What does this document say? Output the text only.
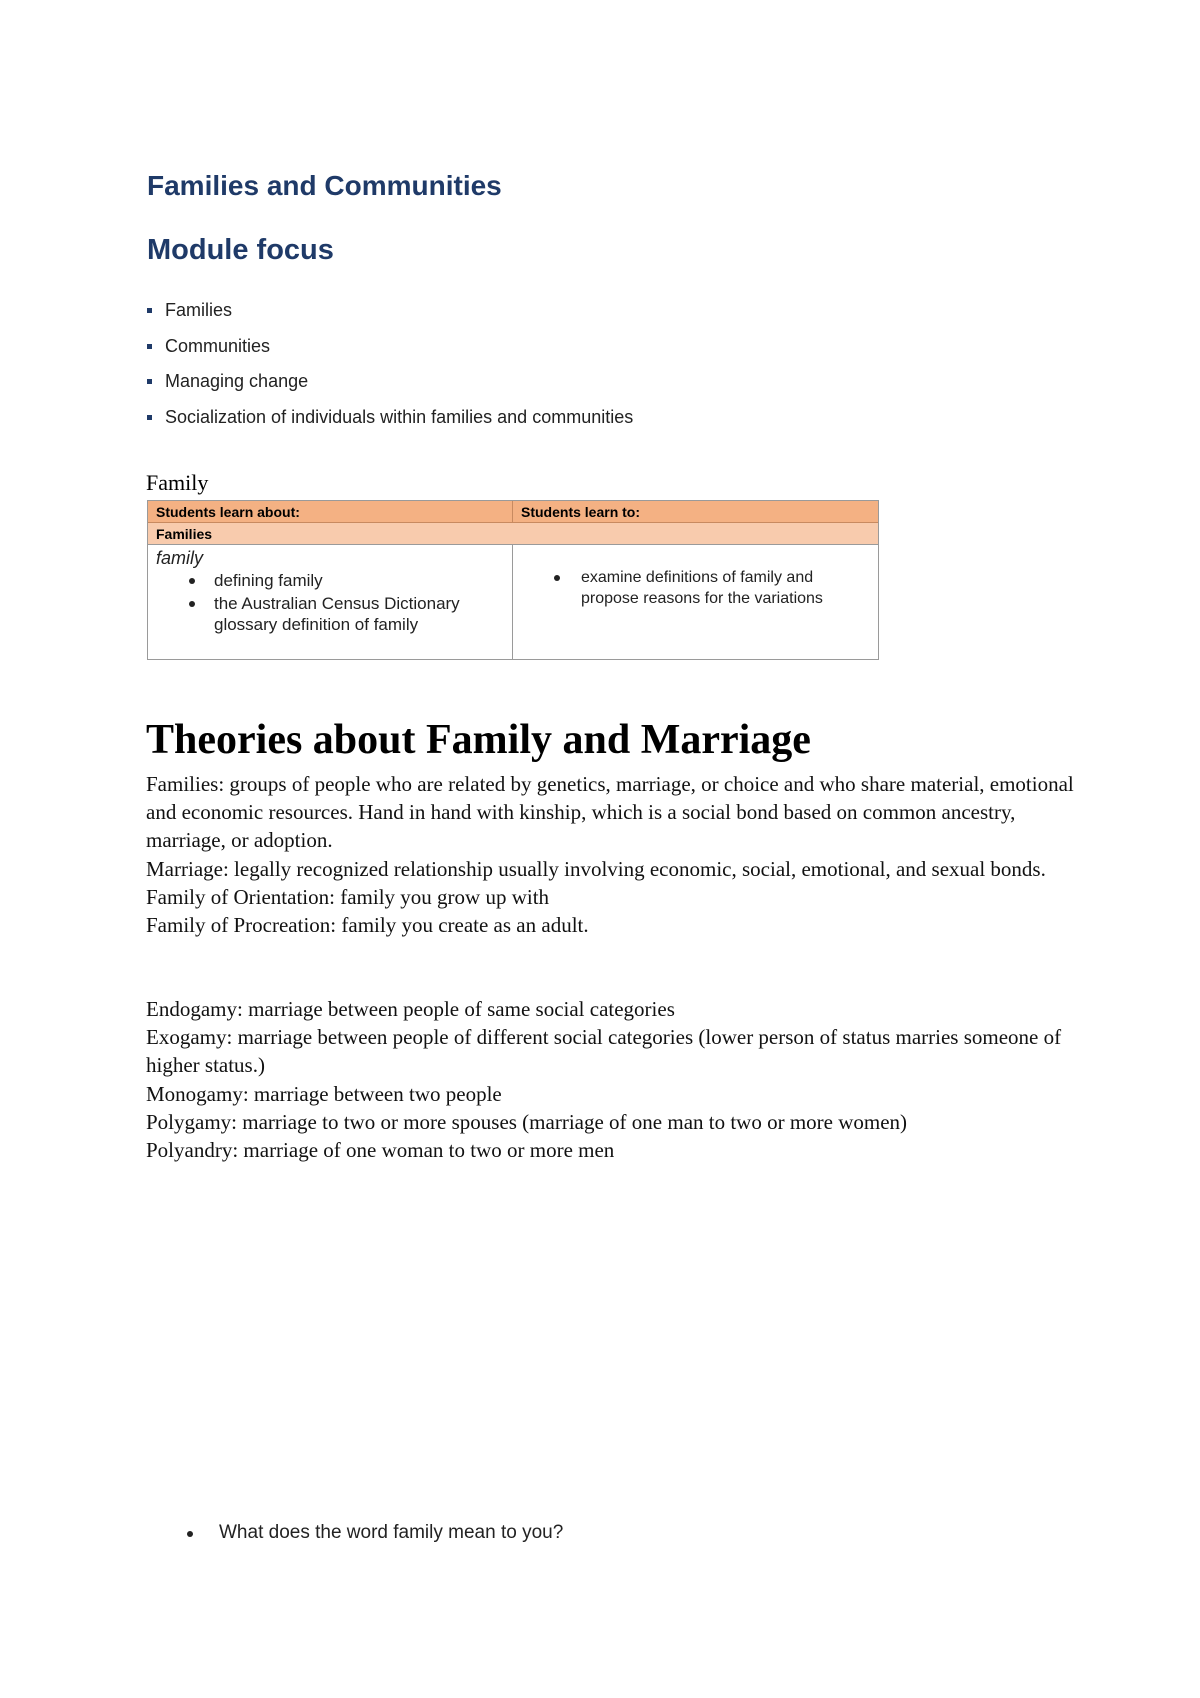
Families and Communities
Module focus
Families
Communities
Managing change
Socialization of individuals within families and communities
Family
Students learn about:	Students learn to:
Families
family
defining family
the Australian Census Dictionary glossary definition of family
examine definitions of family and propose reasons for the variations
Theories about Family and Marriage

Families: groups of people who are related by genetics, marriage, or choice and who share material, emotional and economic resources. Hand in hand with kinship, which is a social bond based on common ancestry, marriage, or adoption.

Marriage: legally recognized relationship usually involving economic, social, emotional, and sexual bonds.

Family of Orientation: family you grow up with

Family of Procreation: family you create as an adult.

Endogamy: marriage between people of same social categories

Exogamy: marriage between people of different social categories (lower person of status marries someone of higher status.)

Monogamy: marriage between two people

Polygamy: marriage to two or more spouses (marriage of one man to two or more women)

Polyandry: marriage of one woman to two or more men

What does the word family mean to you?
